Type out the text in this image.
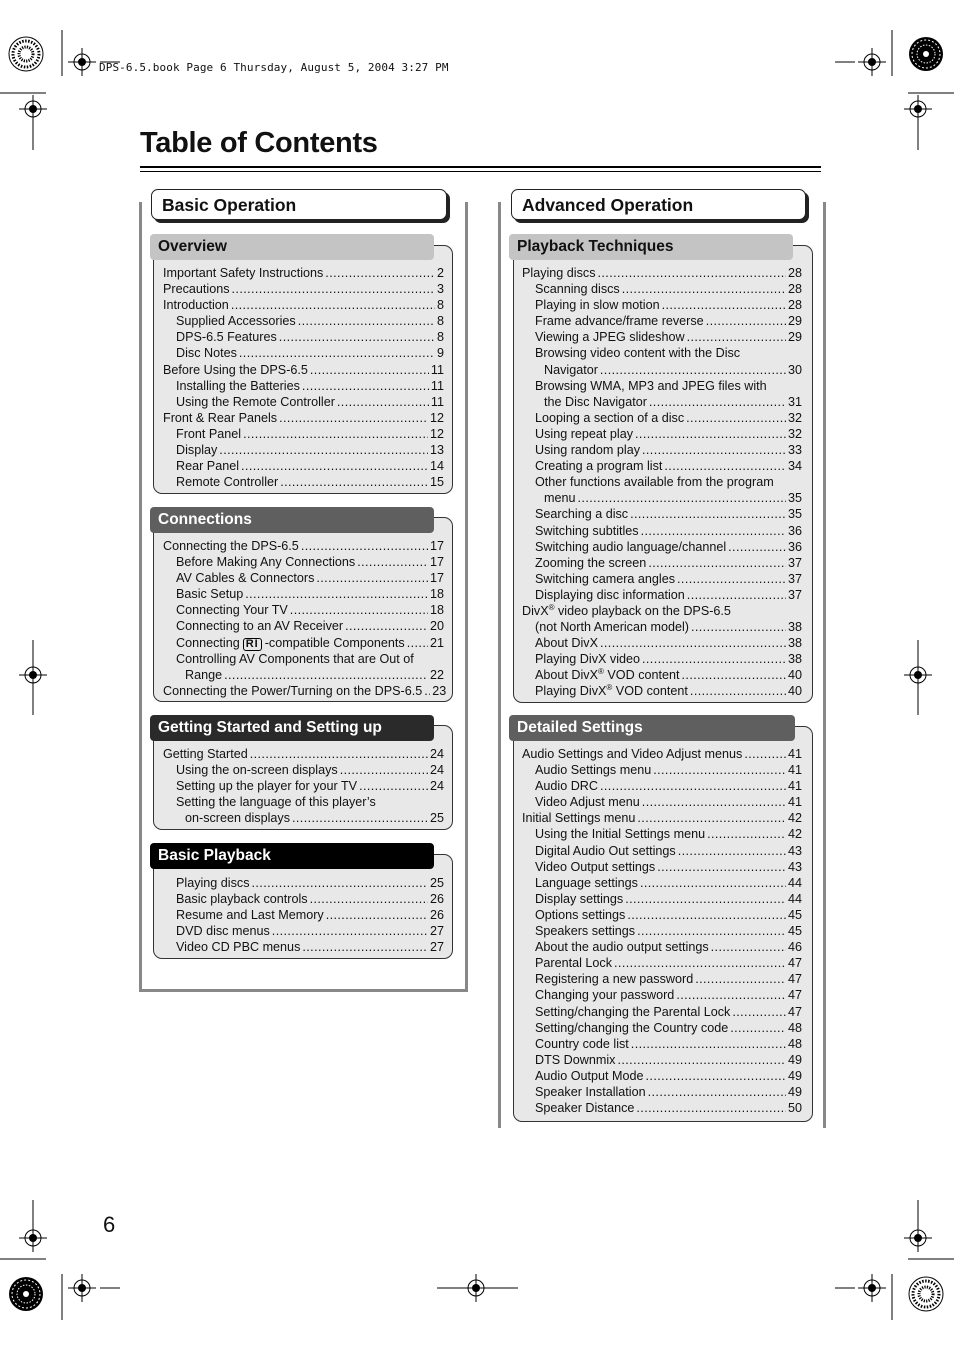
DPS-6.5.book Page 6 Thursday, August 5, 2004 3:27 PM
Table of Contents
Basic Operation
Overview
Important Safety Instructions .....	2
Precautions .....	3
Introduction .....	8
Supplied Accessories .....	8
DPS-6.5 Features .....	8
Disc Notes .....	9
Before Using the DPS-6.5 .....	11
Installing the Batteries .....	11
Using the Remote Controller .....	11
Front & Rear Panels .....	12
Front Panel .....	12
Display .....	13
Rear Panel .....	14
Remote Controller .....	15
Connections
Connecting the DPS-6.5 .....	17
Before Making Any Connections .....	17
AV Cables & Connectors .....	17
Basic Setup .....	18
Connecting Your TV .....	18
Connecting to an AV Receiver .....	20
Connecting RI -compatible Components ..... 21
Controlling AV Components that are Out of
Range .....	22
Connecting the Power/Turning on the DPS-6.5 ..... 23
Getting Started and Setting up
Getting Started .....	24
Using the on-screen displays .....	24
Setting up the player for your TV .....	24
Setting the language of this player’s
on-screen displays .....	25
Basic Playback
Playing discs .....	25
Basic playback controls .....	26
Resume and Last Memory .....	26
DVD disc menus .....	27
Video CD PBC menus .....	27
Advanced Operation
Playback Techniques
Playing discs .....	28
Scanning discs .....	28
Playing in slow motion .....	28
Frame advance/frame reverse .....	29
Viewing a JPEG slideshow .....	29
Browsing video content with the Disc
Navigator .....	30
Browsing WMA, MP3 and JPEG files with
the Disc Navigator .....	31
Looping a section of a disc .....	32
Using repeat play .....	32
Using random play .....	33
Creating a program list .....	34
Other functions available from the program
menu .....	35
Searching a disc .....	35
Switching subtitles .....	36
Switching audio language/channel .....	36
Zooming the screen .....	37
Switching camera angles .....	37
Displaying disc information .....	37
DivX® video playback on the DPS-6.5
(not North American model) .....	38
About DivX .....	38
Playing DivX video .....	38
About DivX® VOD content .....	40
Playing DivX® VOD content .....	40
Detailed Settings
Audio Settings and Video Adjust menus .....	41
Audio Settings menu .....	41
Audio DRC .....	41
Video Adjust menu .....	41
Initial Settings menu .....	42
Using the Initial Settings menu .....	42
Digital Audio Out settings .....	43
Video Output settings .....	43
Language settings .....	44
Display settings .....	44
Options settings .....	45
Speakers settings .....	45
About the audio output settings .....	46
Parental Lock .....	47
Registering a new password .....	47
Changing your password .....	47
Setting/changing the Parental Lock .....	47
Setting/changing the Country code .....	48
Country code list .....	48
DTS Downmix .....	49
Audio Output Mode .....	49
Speaker Installation .....	49
Speaker Distance .....	50
6
